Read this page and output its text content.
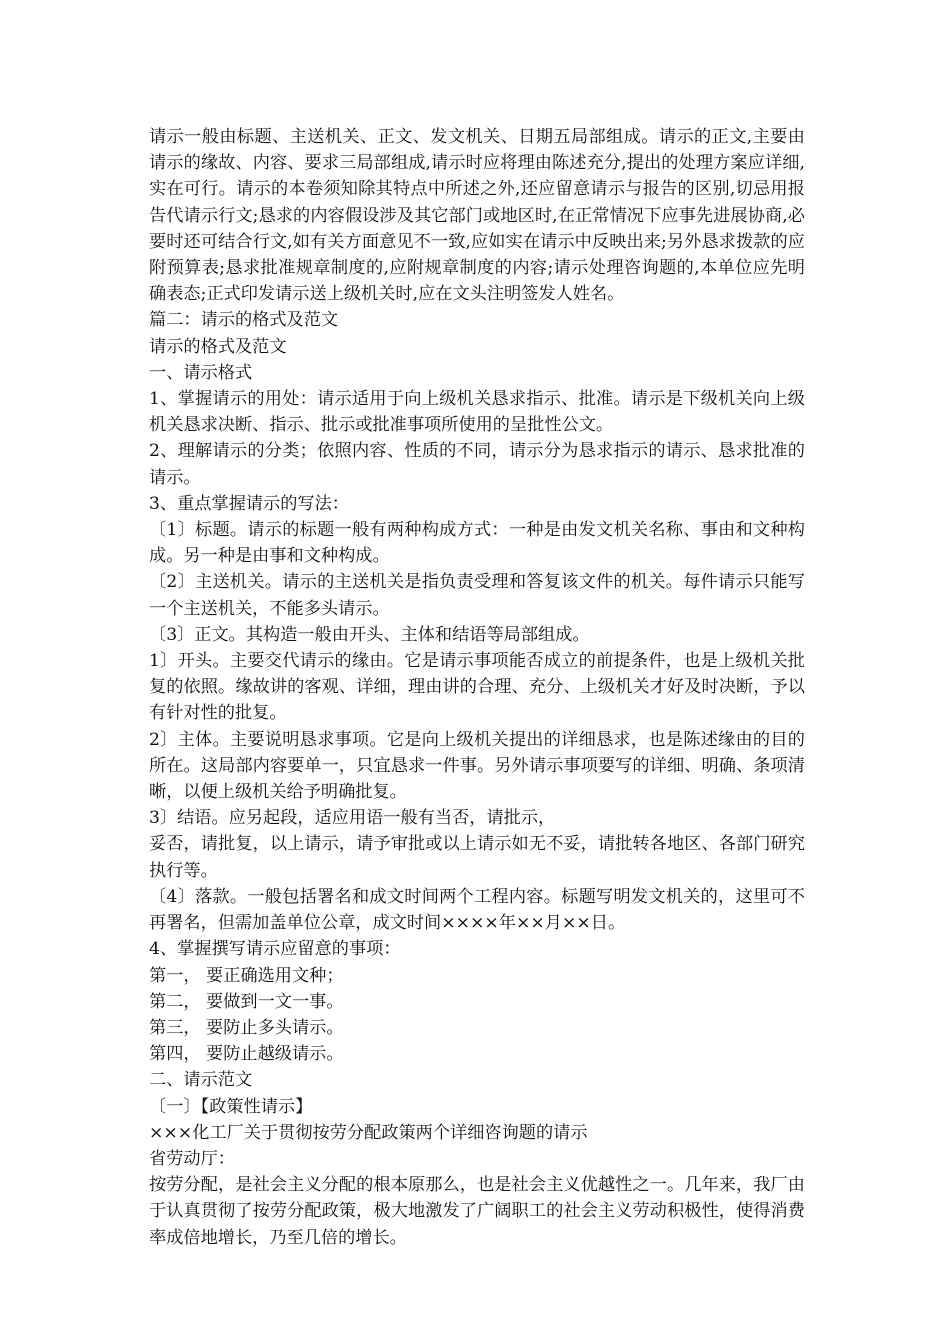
请示一般由标题、主送机关、正文、发文机关、日期五局部组成。请示的正文,主要由请示的缘故、内容、要求三局部组成,请示时应将理由陈述充分,提出的处理方案应详细,实在可行。请示的本卷须知除其特点中所述之外,还应留意请示与报告的区别,切忌用报告代请示行文;恳求的内容假设涉及其它部门或地区时,在正常情况下应事先进展协商,必要时还可结合行文,如有关方面意见不一致,应如实在请示中反映出来;另外恳求拨款的应附预算表;恳求批准规章制度的,应附规章制度的内容;请示处理咨询题的,本单位应先明确表态;正式印发请示送上级机关时,应在文头注明签发人姓名。

篇二：请示的格式及范文

请示的格式及范文

一、请示格式

1、掌握请示的用处：请示适用于向上级机关恳求指示、批准。请示是下级机关向上级机关恳求决断、指示、批示或批准事项所使用的呈批性公文。

2、理解请示的分类；依照内容、性质的不同，请示分为恳求指示的请示、恳求批准的请示。

3、重点掌握请示的写法：

〔1〕标题。请示的标题一般有两种构成方式：一种是由发文机关名称、事由和文种构成。另一种是由事和文种构成。

〔2〕主送机关。请示的主送机关是指负责受理和答复该文件的机关。每件请示只能写一个主送机关，不能多头请示。

〔3〕正文。其构造一般由开头、主体和结语等局部组成。

1〕开头。主要交代请示的缘由。它是请示事项能否成立的前提条件，也是上级机关批复的依照。缘故讲的客观、详细，理由讲的合理、充分、上级机关才好及时决断，予以有针对性的批复。

2〕主体。主要说明恳求事项。它是向上级机关提出的详细恳求，也是陈述缘由的目的所在。这局部内容要单一，只宜恳求一件事。另外请示事项要写的详细、明确、条项清晰，以便上级机关给予明确批复。

3〕结语。应另起段，适应用语一般有当否，请批示，

妥否，请批复，以上请示，请予审批或以上请示如无不妥，请批转各地区、各部门研究执行等。

〔4〕落款。一般包括署名和成文时间两个工程内容。标题写明发文机关的，这里可不再署名，但需加盖单位公章，成文时间××××年××月××日。

4、掌握撰写请示应留意的事项：

第一， 要正确选用文种；

第二， 要做到一文一事。

第三， 要防止多头请示。

第四， 要防止越级请示。

二、请示范文

〔一〕【政策性请示】

×××化工厂关于贯彻按劳分配政策两个详细咨询题的请示

省劳动厅：

按劳分配，是社会主义分配的根本原那么，也是社会主义优越性之一。几年来，我厂由于认真贯彻了按劳分配政策，极大地激发了广阔职工的社会主义劳动积极性，使得消费率成倍地增长，乃至几倍的增长。
